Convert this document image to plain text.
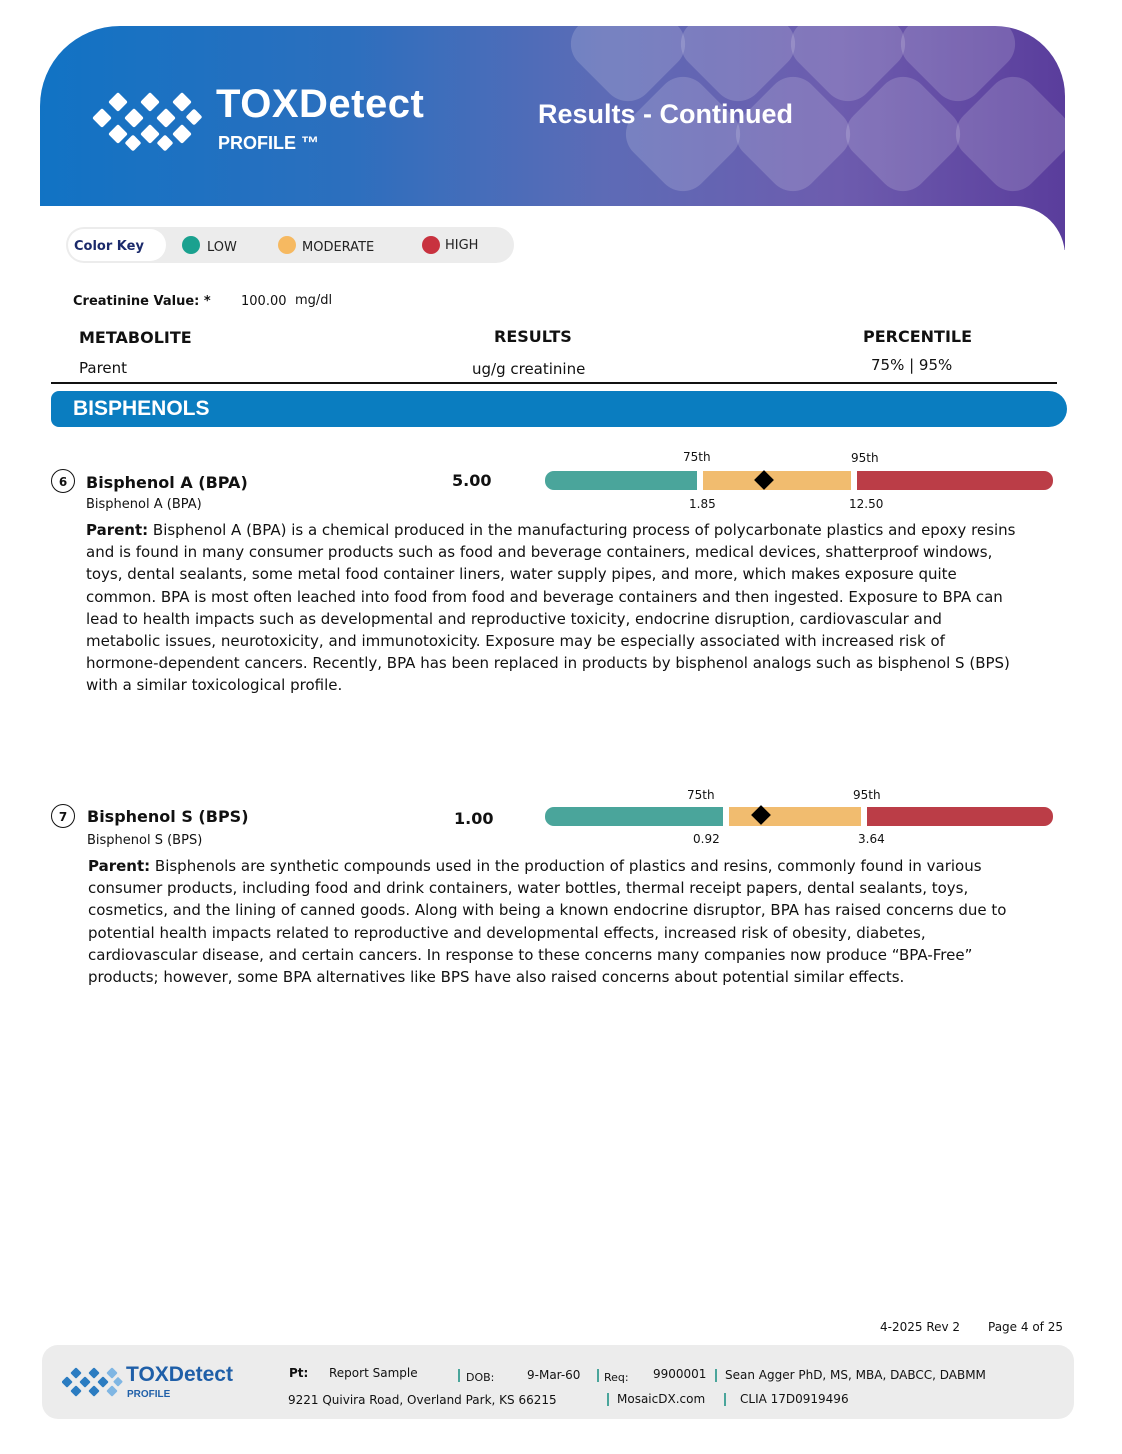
TOXDetect
PROFILE ™
Results - Continued
Color Key	LOW	MODERATE	HIGH
Creatinine Value: * 100.00 mg/dl
METABOLITE	RESULTS	PERCENTILE
Parent	ug/g creatinine	75% | 95%
BISPHENOLS
6	Bisphenol A (BPA)
Bisphenol A (BPA)
5.00
75th	95th
1.85	12.50
Parent: Bisphenol A (BPA) is a chemical produced in the manufacturing process of polycarbonate plastics and epoxy resins and is found in many consumer products such as food and beverage containers, medical devices, shatterproof windows, toys, dental sealants, some metal food container liners, water supply pipes, and more, which makes exposure quite common. BPA is most often leached into food from food and beverage containers and then ingested. Exposure to BPA can lead to health impacts such as developmental and reproductive toxicity, endocrine disruption, cardiovascular and metabolic issues, neurotoxicity, and immunotoxicity. Exposure may be especially associated with increased risk of hormone-dependent cancers. Recently, BPA has been replaced in products by bisphenol analogs such as bisphenol S (BPS) with a similar toxicological profile.
7	Bisphenol S (BPS)
Bisphenol S (BPS)
1.00
75th	95th
0.92	3.64
Parent: Bisphenols are synthetic compounds used in the production of plastics and resins, commonly found in various consumer products, including food and drink containers, water bottles, thermal receipt papers, dental sealants, toys, cosmetics, and the lining of canned goods. Along with being a known endocrine disruptor, BPA has raised concerns due to potential health impacts related to reproductive and developmental effects, increased risk of obesity, diabetes, cardiovascular disease, and certain cancers. In response to these concerns many companies now produce “BPA-Free” products; however, some BPA alternatives like BPS have also raised concerns about potential similar effects.
4-2025 Rev 2 Page 4 of 25
TOXDetect
PROFILE
Pt: Report Sample	DOB:	9-Mar-60 Req: 9900001 Sean Agger PhD, MS, MBA, DABCC, DABMM
9221 Quivira Road, Overland Park, KS 66215	MosaicDX.com	CLIA 17D0919496
